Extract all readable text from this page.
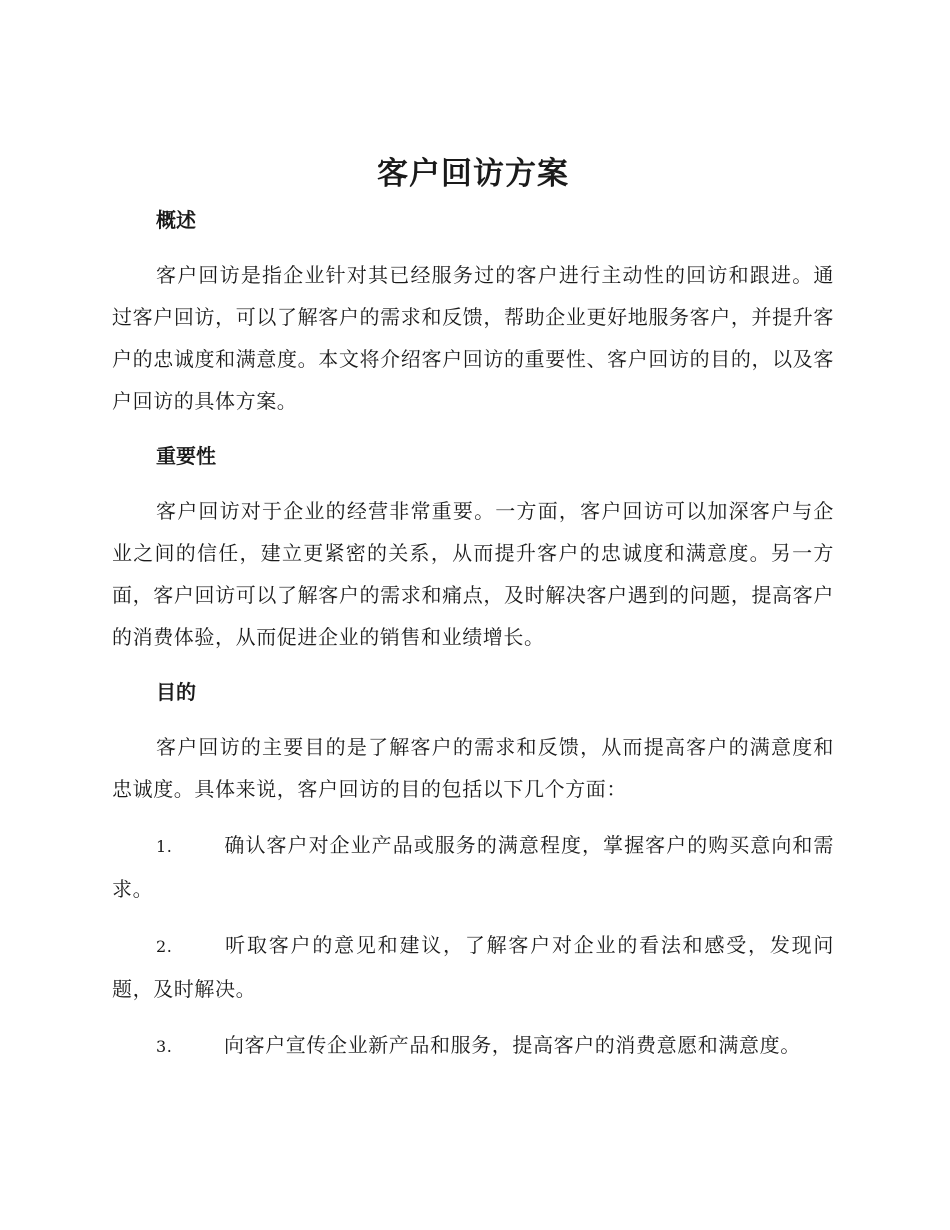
客户回访方案
概述

客户回访是指企业针对其已经服务过的客户进行主动性的回访和跟进。通过客户回访，可以了解客户的需求和反馈，帮助企业更好地服务客户，并提升客户的忠诚度和满意度。本文将介绍客户回访的重要性、客户回访的目的，以及客户回访的具体方案。

重要性

客户回访对于企业的经营非常重要。一方面，客户回访可以加深客户与企业之间的信任，建立更紧密的关系，从而提升客户的忠诚度和满意度。另一方面，客户回访可以了解客户的需求和痛点，及时解决客户遇到的问题，提高客户的消费体验，从而促进企业的销售和业绩增长。

目的

客户回访的主要目的是了解客户的需求和反馈，从而提高客户的满意度和忠诚度。具体来说，客户回访的目的包括以下几个方面：

1.	确认客户对企业产品或服务的满意程度，掌握客户的购买意向和需求。

2.	听取客户的意见和建议，了解客户对企业的看法和感受，发现问题，及时解决。

3.	向客户宣传企业新产品和服务，提高客户的消费意愿和满意度。
